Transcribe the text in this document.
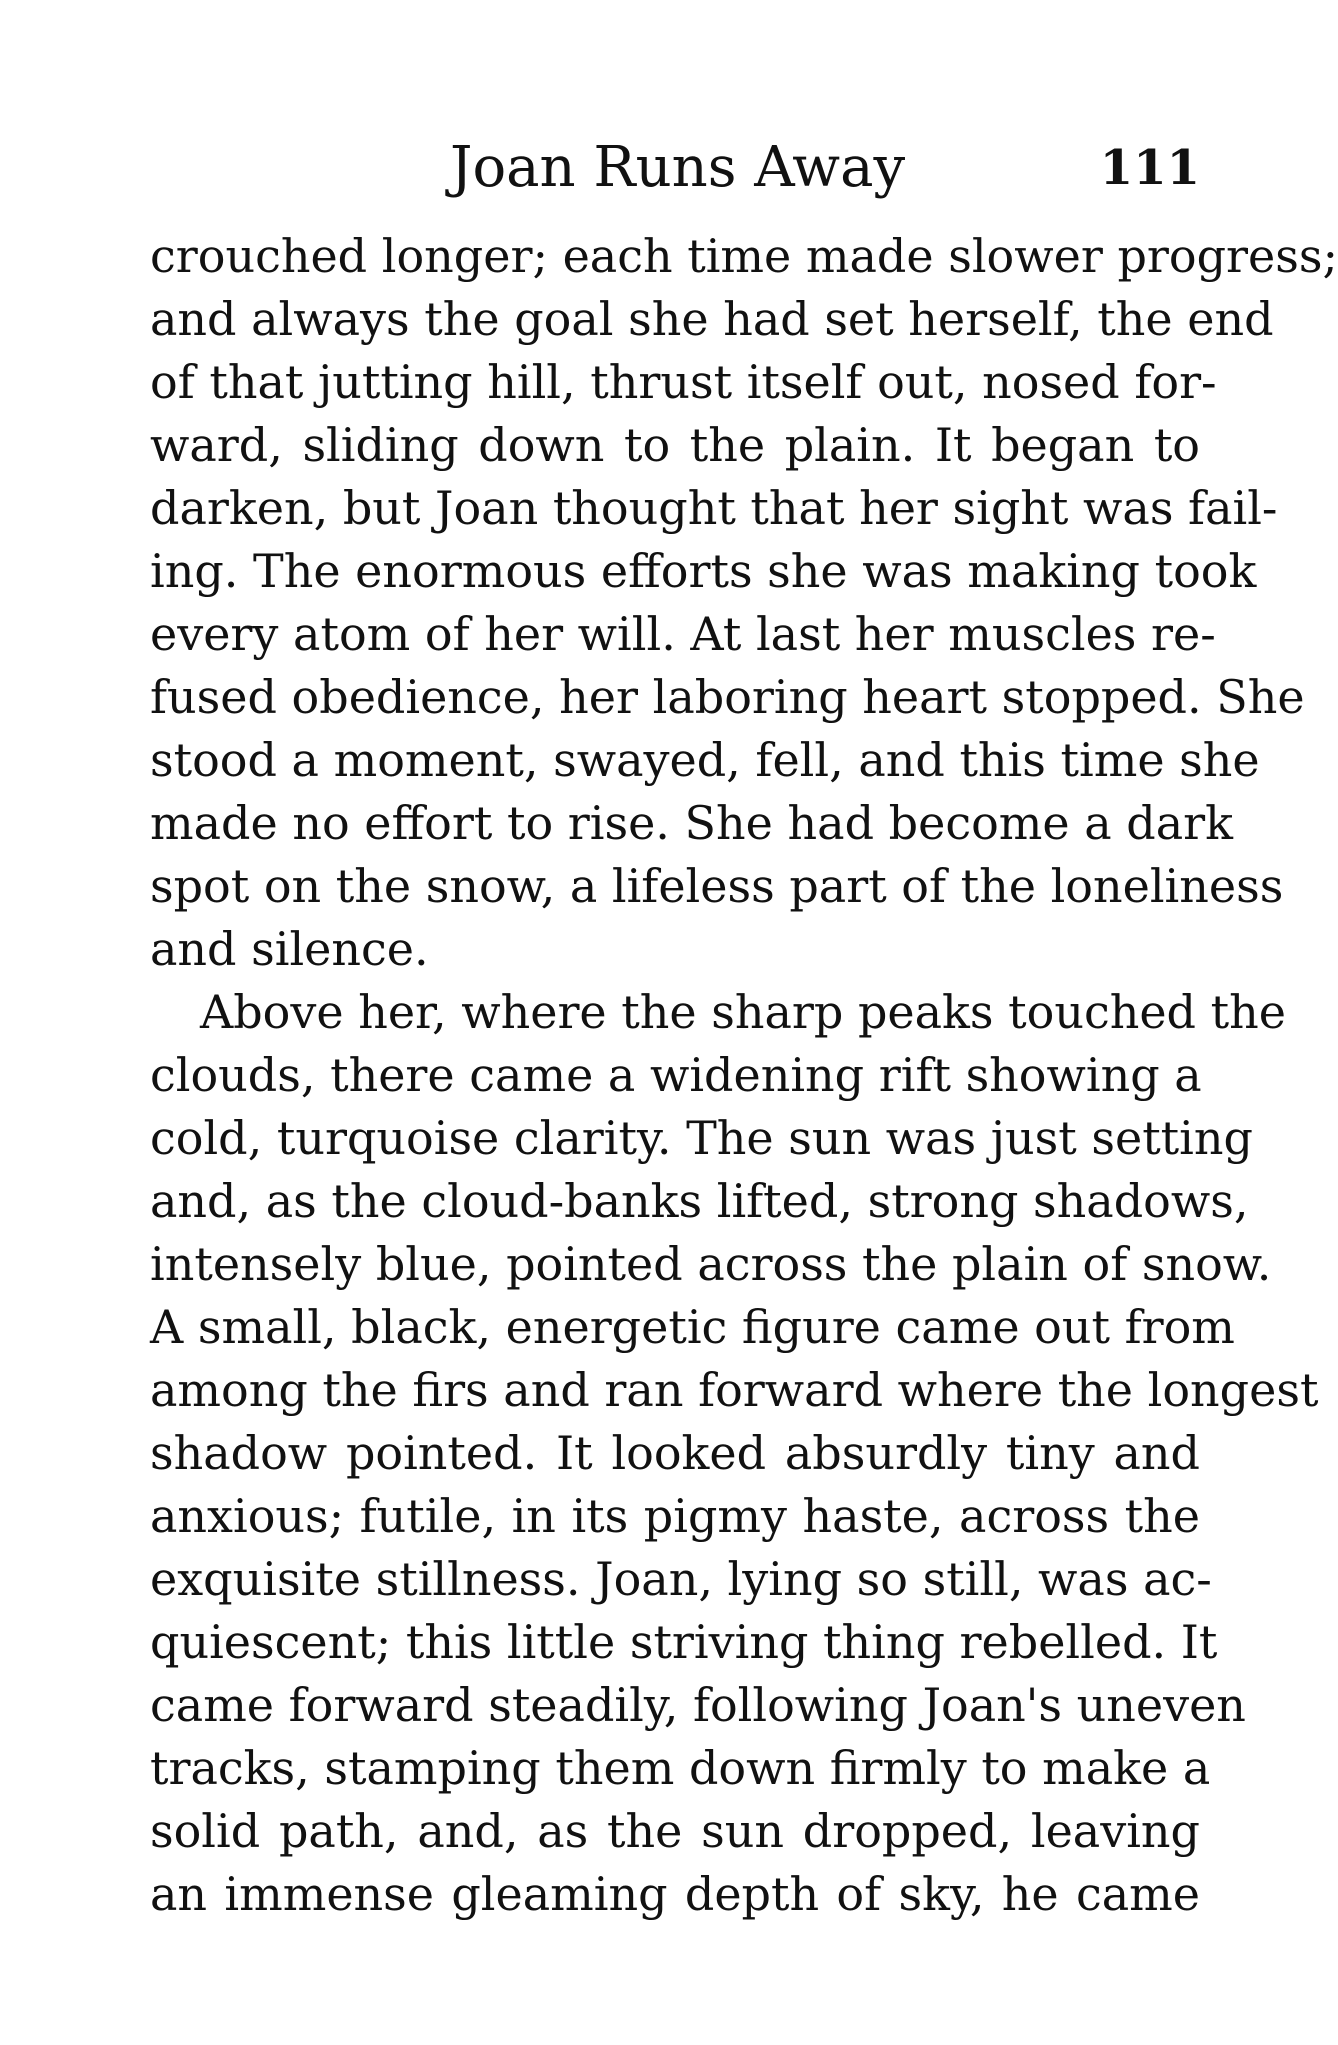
Joan Runs Away	111
crouched longer; each time made slower progress;
and always the goal she had set herself, the end
of that jutting hill, thrust itself out, nosed for-
ward, sliding down to the plain. It began to
darken, but Joan thought that her sight was fail-
ing. The enormous efforts she was making took
every atom of her will. At last her muscles re-
fused obedience, her laboring heart stopped. She
stood a moment, swayed, fell, and this time she
made no effort to rise. She had become a dark
spot on the snow, a lifeless part of the loneliness
and silence.
Above her, where the sharp peaks touched the
clouds, there came a widening rift showing a
cold, turquoise clarity. The sun was just setting
and, as the cloud-banks lifted, strong shadows,
intensely blue, pointed across the plain of snow.
A small, black, energetic figure came out from
among the firs and ran forward where the longest
shadow pointed. It looked absurdly tiny and
anxious; futile, in its pigmy haste, across the
exquisite stillness. Joan, lying so still, was ac-
quiescent; this little striving thing rebelled. It
came forward steadily, following Joan's uneven
tracks, stamping them down firmly to make a
solid path, and, as the sun dropped, leaving
an immense gleaming depth of sky, he came
